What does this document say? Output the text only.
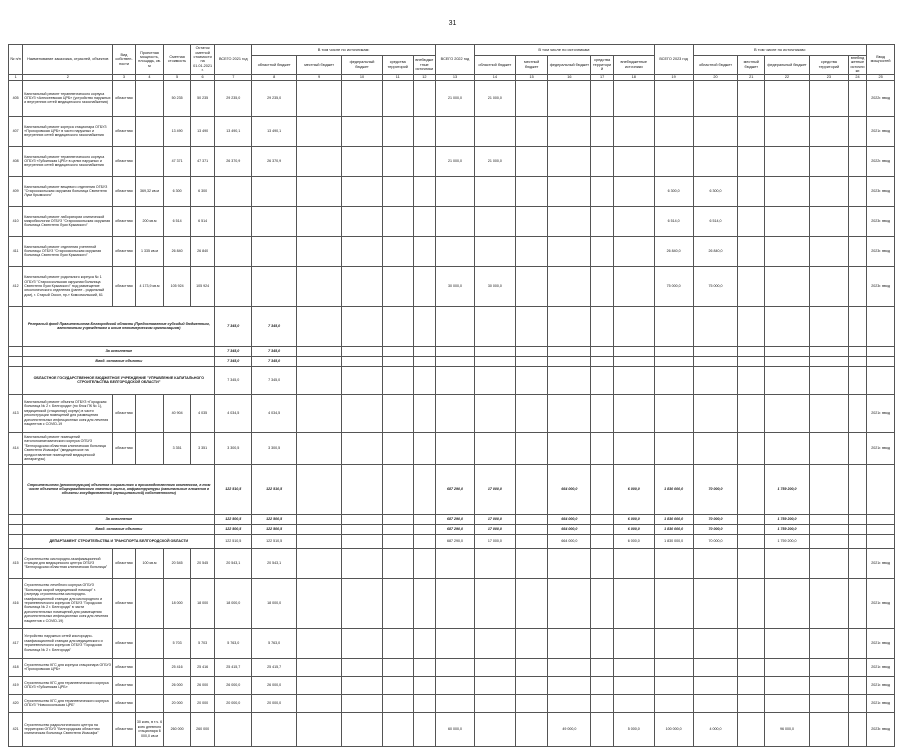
31
№ п/п	Наименование заказчика, отраслей, объектов	Вид собствен-ности	Проектная мощность, площадь, кв. м	Сметная стоимость	Остаток сметной стоимости на 01.01.2021 г.	ВСЕГО 2021 год	В том числе по источникам:					ВСЕГО 2022 год	В том числе по источникам:					ВСЕГО 2023 год	В том числе по источникам:					Ввод мощностей
							областной бюджет	местный бюджет	федеральный бюджет	средства территорий	внебюджетные источники		областной бюджет	местный бюджет	федеральный бюджет	средства территорий	внебюджетные источники		областной бюджет	местный бюджет	федеральный бюджет	средства территорий	внебюджетные источники	
1	2	3	4	5	6	7	8	9	10	11	12	13	14	15	16	17	18	19	20	21	22	23	24	25
405	Капитальный ремонт терапевтического корпуса ОГБУЗ «Алексеевская ЦРБ» (устройство наружных и внутренних сетей медицинского газоснабжения)	областная		50 235	50 235	29 235,0	29 235,0					21 000,0	21 000,0											2022г. ввод
407	Капитальный ремонт корпуса стационара ОГБУЗ «Прохоровская ЦРБ» в части наружных и внутренних сетей медицинского газоснабжения	областная		13 490	13 490	13 490,1	13 490,1																	2021г. ввод
408	Капитальный ремонт терапевтического корпуса ОГБУЗ «Губкинская ЦРБ» в целях наружных и внутренних сетей медицинского газоснабжения	областная		47 371	47 371	26 370,9	26 370,9					21 000,0	21 000,0											2022г. ввод
409	Капитальный ремонт вещевого отделения ОГБУЗ "Старооскольская окружная больница Святителя Луки Крымского"	областная	369,32 кв.м	6 300	6 300													6 300,0	6 300,0					2023г. ввод
410	Капитальный ремонт лаборатории клинической микробиологии ОГБУЗ "Старооскольская окружная больница Святителя Луки Крымского"	областная	200 кв.м	6 514	6 514													6 514,0	6 514,0					2023г. ввод
411	Капитальный ремонт отделения учетенной больницы ОГБУЗ "Старооскольская окружная больница Святителя Луки Крымского"	областная	1 335 кв.м	26 840	26 840													26 840,0	26 840,0					2023г. ввод
412	Капитальный ремонт родильного корпуса № 1 ОГБУЗ "Старооскольская окружная больница Святителя Луки Крымского" под размещение онкологического отделения (ранее - родильный дом), г. Старый Оскол, пр-т Комсомольский, 61	областная	4 173,9 кв.м	105 924	105 924							30 000,0	30 000,0					75 000,0	75 000,0					2023г. ввод
	Резервный фонд Правительства Белгородской области (Предоставление субсидий бюджетным, автономным учреждениям и иным некоммерческим организациям)					7 345,0	7 345,0																	
	За исполнение					7 345,0	7 345,0																	
	Ввод. основные объекты					7 345,0	7 345,0																	
	ОБЛАСТНОЕ ГОСУДАРСТВЕННОЕ БЮДЖЕТНОЕ УЧРЕЖДЕНИЕ "УПРАВЛЕНИЕ КАПИТАЛЬНОГО СТРОИТЕЛЬСТВА БЕЛГОРОДСКОЙ ОБЛАСТИ"					7 345,0	7 345,0																	
413	Капитальный ремонт объекта ОГБУЗ «Городская больница № 2 г. Белгорода» (по блок ПК № 1), медицинской (стационар) корпус) в части реконструкции помещений для размещения дополнительных инфекционных коек для лечения пациентов с COVID-19	областная		40 904	4 035	4 034,5	4 034,5																	2021г. ввод
414	Капитальный ремонт помещений патологоанатомического корпуса ОГБУЗ "Белгородская областная клиническая больница Святителя Иоасафа" (медицинское на предоставление помещений медицинской аппаратуры)	областная		3 351	3 351	3 300,5	3 300,5																	2021г. ввод
	Строительство (реконструкция) объектов социального и производственного комплексов, в том числе объектов общегражданского значения, жилья, инфраструктуры (капитальные вложения в объекты государственной (муниципальной) собственности)					122 510,5	122 510,5					687 290,0	17 000,0		664 000,0		6 000,0	1 830 000,0	70 000,0		1 759 200,0			
	За исполнение					122 500,5	122 500,5					687 290,0	17 000,0		664 000,0		6 000,0	1 830 000,0	70 000,0		1 759 200,0			
	Ввод. основные объекты					122 500,5	122 500,5					687 290,0	17 000,0		664 000,0		6 000,0	1 830 000,0	70 000,0		1 759 200,0			
	ДЕПАРТАМЕНТ СТРОИТЕЛЬСТВА И ТРАНСПОРТА БЕЛГОРОДСКОЙ ОБЛАСТИ					122 510,5	122 510,5					687 290,0	17 000,0		664 000,0		6 000,0	1 830 000,0	70 000,0		1 759 200,0			
415	Строительство кислородно-газификационной станции для медицинского центра ОГБУЗ "Белгородская областная клиническая больница"	областная	100 кв.м	20 545	20 545	20 543,1	20 543,1																	2021г. ввод
416	Строительство лечебного корпуса ОГБУЗ "Больница скорой медицинской помощи" г. (очередь строительства кислородно-газификационной станции для кислородного и терапевтического корпусов ОГБУЗ "Городская больница № 2 г. Белгорода" в части дополнительных помещений для размещения дополнительных инфекционных коек для лечения пациентов с COVID-19)	областная		18 000	18 000	18 000,0	18 000,0																	2021г. ввод
417	Устройство наружных сетей кислородно-газификационной станции для медицинского и терапевтического корпусов ОГБУЗ "Городская больница № 2 г. Белгорода"	областная		5 703	5 703	5 763,0	5 763,0																	2021г. ввод
418	Строительство КГС для корпуса стационара ОГБУЗ «Прохоровская ЦРБ»	областная		25 416	25 416	25 415,7	25 415,7																	2021г. ввод
419	Строительство КГС для терапевтического корпуса ОГБУЗ «Губкинская ЦРБ»	областная		26 000	26 000	26 000,0	26 000,0																	2021г. ввод
420	Строительство КГС для терапевтического корпуса ОГБУЗ "Новооскольская ЦРБ"	областная		20 000	20 000	20 000,0	20 000,0																	2021г. ввод
421	Строительство радиологического центра на территории ОГБУЗ "Белгородская областная клиническая больница Святителя Иоасафа"	областная	30 коек, в т.ч. 6 коек дневного стационара 6 000,0 кв.м	260 000	260 000							60 000,0			49 000,0		5 000,0	100 000,0	4 000,0		96 000,0			2023г. ввод
